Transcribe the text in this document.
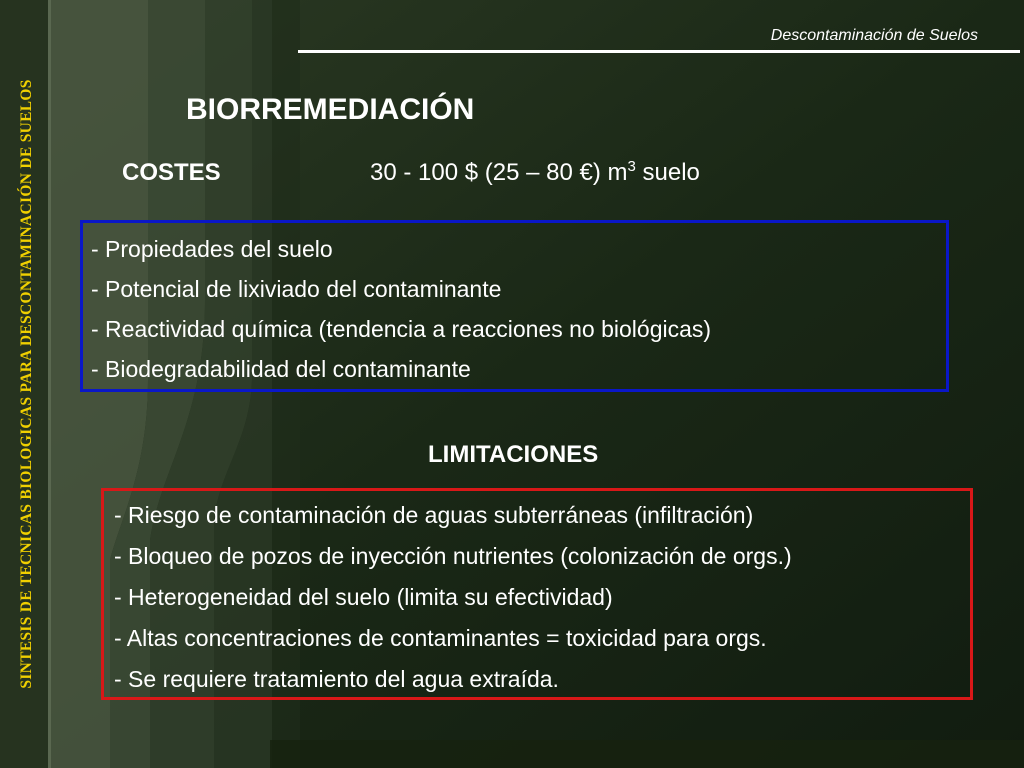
SINTESIS DE TECNICAS BIOLOGICAS PARA DESCONTAMINACIÓN DE SUELOS
Descontaminación de Suelos
BIORREMEDIACIÓN
COSTES	30 - 100 $ (25 – 80 €) $m^3$ suelo
- Propiedades del suelo
- Potencial de lixiviado del contaminante
- Reactividad química (tendencia a reacciones no biológicas)
- Biodegradabilidad del contaminante
LIMITACIONES
- Riesgo de contaminación de aguas subterráneas (infiltración)
- Bloqueo de pozos de inyección nutrientes (colonización de orgs.)
- Heterogeneidad del suelo (limita su efectividad)
- Altas concentraciones de contaminantes = toxicidad para orgs.
- Se requiere tratamiento del agua extraída.
